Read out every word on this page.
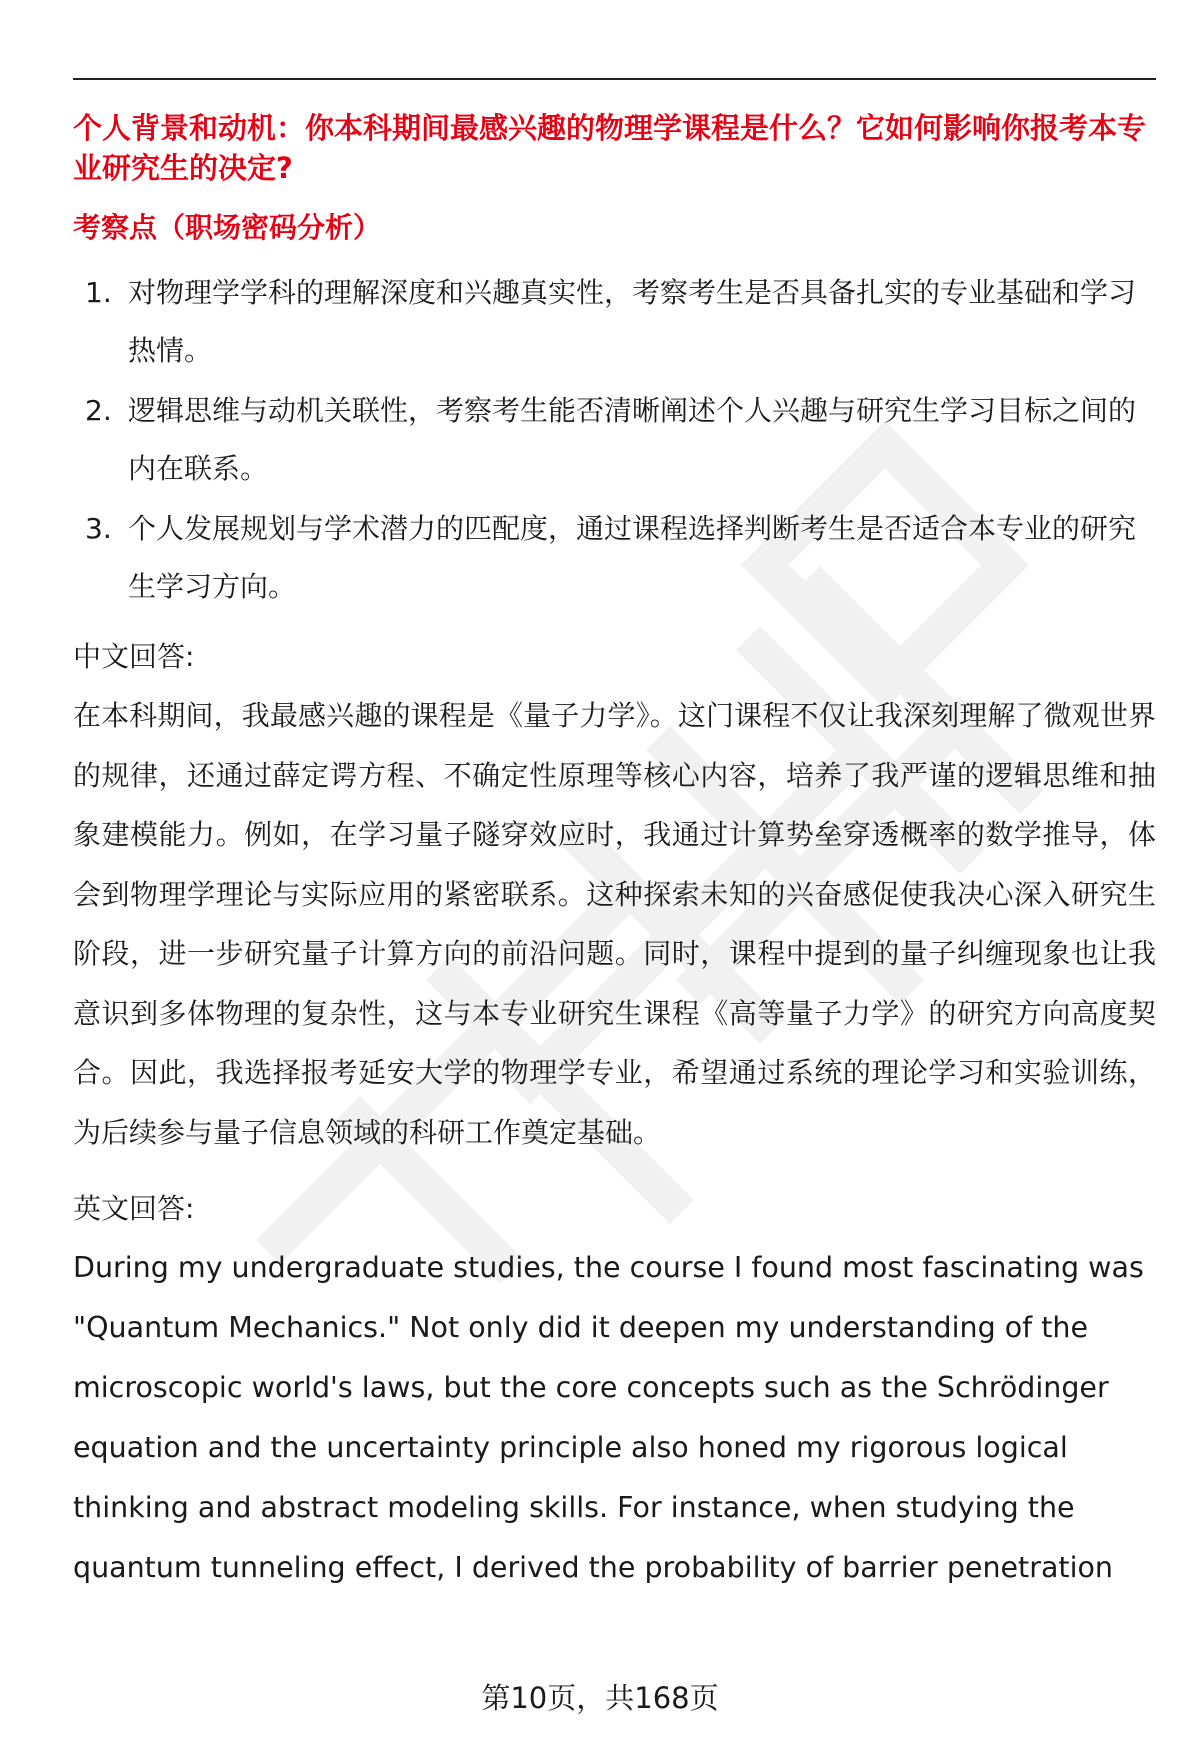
个人背景和动机：你本科期间最感兴趣的物理学课程是什么？它如何影响你报考本专业研究生的决定?

考察点（职场密码分析）

1. 对物理学学科的理解深度和兴趣真实性，考察考生是否具备扎实的专业基础和学习热情。
2. 逻辑思维与动机关联性，考察考生能否清晰阐述个人兴趣与研究生学习目标之间的内在联系。
3. 个人发展规划与学术潜力的匹配度，通过课程选择判断考生是否适合本专业的研究生学习方向。

中文回答:

在本科期间，我最感兴趣的课程是《量子力学》。这门课程不仅让我深刻理解了微观世界的规律，还通过薛定谔方程、不确定性原理等核心内容，培养了我严谨的逻辑思维和抽象建模能力。例如，在学习量子隧穿效应时，我通过计算势垒穿透概率的数学推导，体会到物理学理论与实际应用的紧密联系。这种探索未知的兴奋感促使我决心深入研究生阶段，进一步研究量子计算方向的前沿问题。同时，课程中提到的量子纠缠现象也让我意识到多体物理的复杂性，这与本专业研究生课程《高等量子力学》的研究方向高度契合。因此，我选择报考延安大学的物理学专业，希望通过系统的理论学习和实验训练，为后续参与量子信息领域的科研工作奠定基础。

英文回答:

During my undergraduate studies, the course I found most fascinating was "Quantum Mechanics." Not only did it deepen my understanding of the microscopic world's laws, but the core concepts such as the Schrödinger equation and the uncertainty principle also honed my rigorous logical thinking and abstract modeling skills. For instance, when studying the quantum tunneling effect, I derived the probability of barrier penetration

第10页，共168页
